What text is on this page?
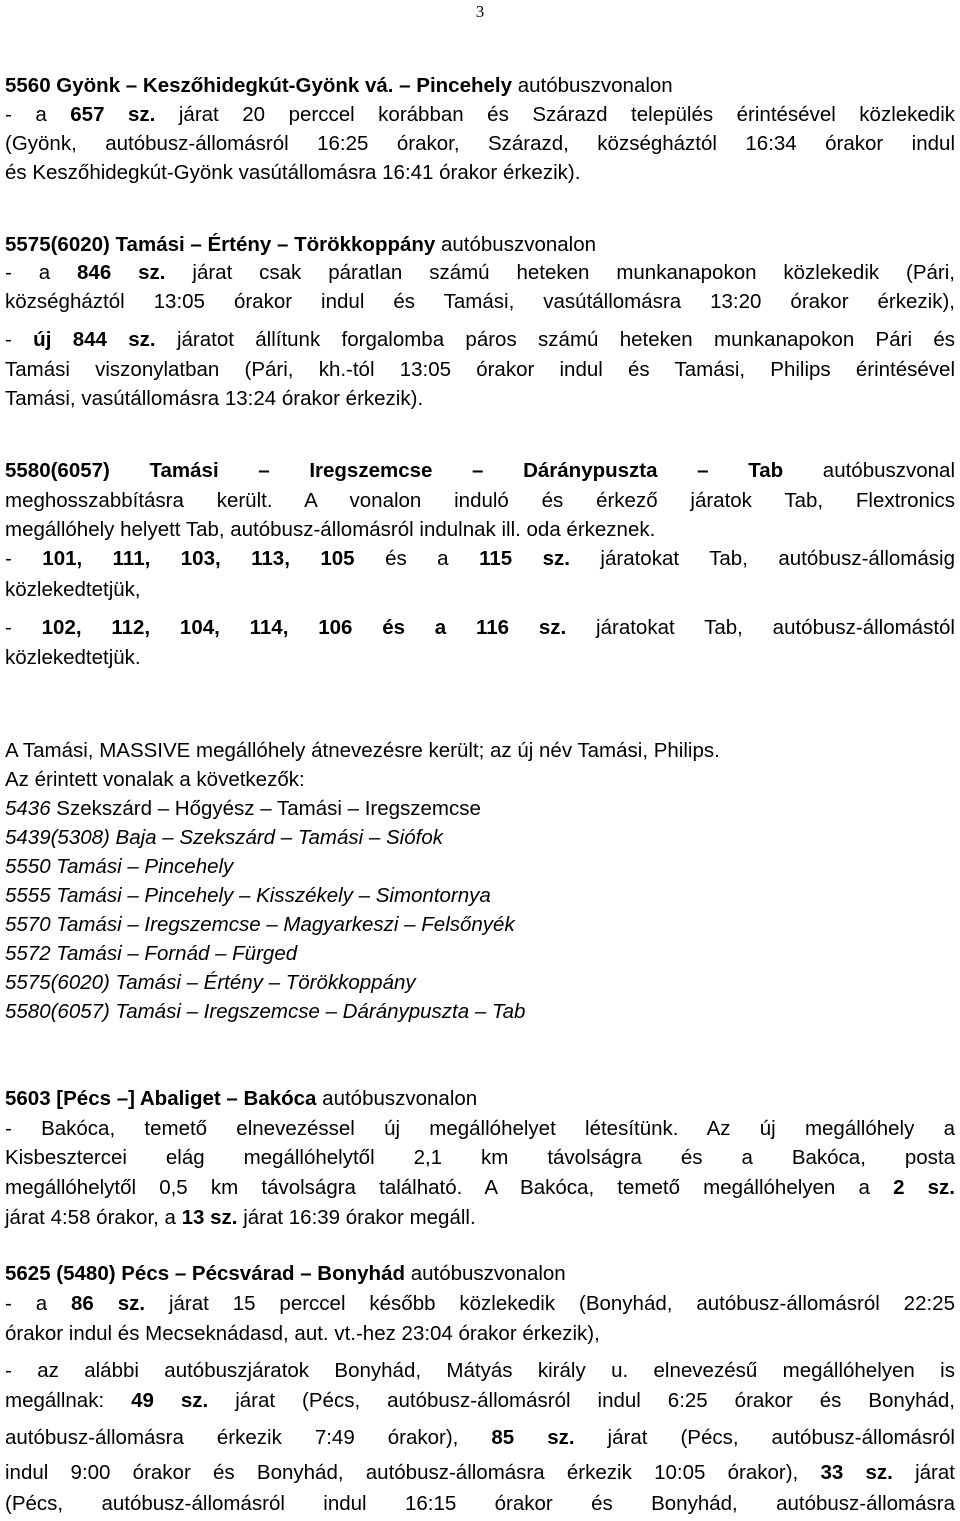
3
5560 Gyönk – Keszőhidegkút-Gyönk vá. – Pincehely autóbuszvonalon
- a 657 sz. járat 20 perccel korábban és Szárazd település érintésével közlekedik
(Gyönk, autóbusz-állomásról 16:25 órakor, Szárazd, községháztól 16:34 órakor indul
és Keszőhidegkút-Gyönk vasútállomásra 16:41 órakor érkezik).
5575(6020) Tamási – Értény – Törökkoppány autóbuszvonalon
- a 846 sz. járat csak páratlan számú heteken munkanapokon közlekedik (Pári,
községháztól 13:05 órakor indul és Tamási, vasútállomásra 13:20 órakor érkezik),
- új 844 sz. járatot állítunk forgalomba páros számú heteken munkanapokon Pári és
Tamási viszonylatban (Pári, kh.-tól 13:05 órakor indul és Tamási, Philips érintésével
Tamási, vasútállomásra 13:24 órakor érkezik).
5580(6057) Tamási – Iregszemcse – Dáránypuszta – Tab autóbuszvonal
meghosszabbításra került. A vonalon induló és érkező járatok Tab, Flextronics
megállóhely helyett Tab, autóbusz-állomásról indulnak ill. oda érkeznek.
- 101, 111, 103, 113, 105 és a 115 sz. járatokat Tab, autóbusz-állomásig
közlekedtetjük,
- 102, 112, 104, 114, 106 és a 116 sz. járatokat Tab, autóbusz-állomástól
közlekedtetjük.
A Tamási, MASSIVE megállóhely átnevezésre került; az új név Tamási, Philips.
Az érintett vonalak a következők:
5436 Szekszárd – Hőgyész – Tamási – Iregszemcse
5439(5308) Baja – Szekszárd – Tamási – Siófok
5550 Tamási – Pincehely
5555 Tamási – Pincehely – Kisszékely – Simontornya
5570 Tamási – Iregszemcse – Magyarkeszi – Felsőnyék
5572 Tamási – Fornád – Fürged
5575(6020) Tamási – Értény – Törökkoppány
5580(6057) Tamási – Iregszemcse – Dáránypuszta – Tab
5603 [Pécs –] Abaliget – Bakóca autóbuszvonalon
- Bakóca, temető elnevezéssel új megállóhelyet létesítünk. Az új megállóhely a
Kisbesztercei elág megállóhelytől 2,1 km távolságra és a Bakóca, posta
megállóhelytől 0,5 km távolságra található. A Bakóca, temető megállóhelyen a 2 sz.
járat 4:58 órakor, a 13 sz. járat 16:39 órakor megáll.
5625 (5480) Pécs – Pécsvárad – Bonyhád autóbuszvonalon
- a 86 sz. járat 15 perccel később közlekedik (Bonyhád, autóbusz-állomásról 22:25
órakor indul és Mecseknádasd, aut. vt.-hez 23:04 órakor érkezik),
- az alábbi autóbuszjáratok Bonyhád, Mátyás király u. elnevezésű megállóhelyen is
megállnak: 49 sz. járat (Pécs, autóbusz-állomásról indul 6:25 órakor és Bonyhád,
autóbusz-állomásra érkezik 7:49 órakor), 85 sz. járat (Pécs, autóbusz-állomásról
indul 9:00 órakor és Bonyhád, autóbusz-állomásra érkezik 10:05 órakor), 33 sz. járat
(Pécs, autóbusz-állomásról indul 16:15 órakor és Bonyhád, autóbusz-állomásra
